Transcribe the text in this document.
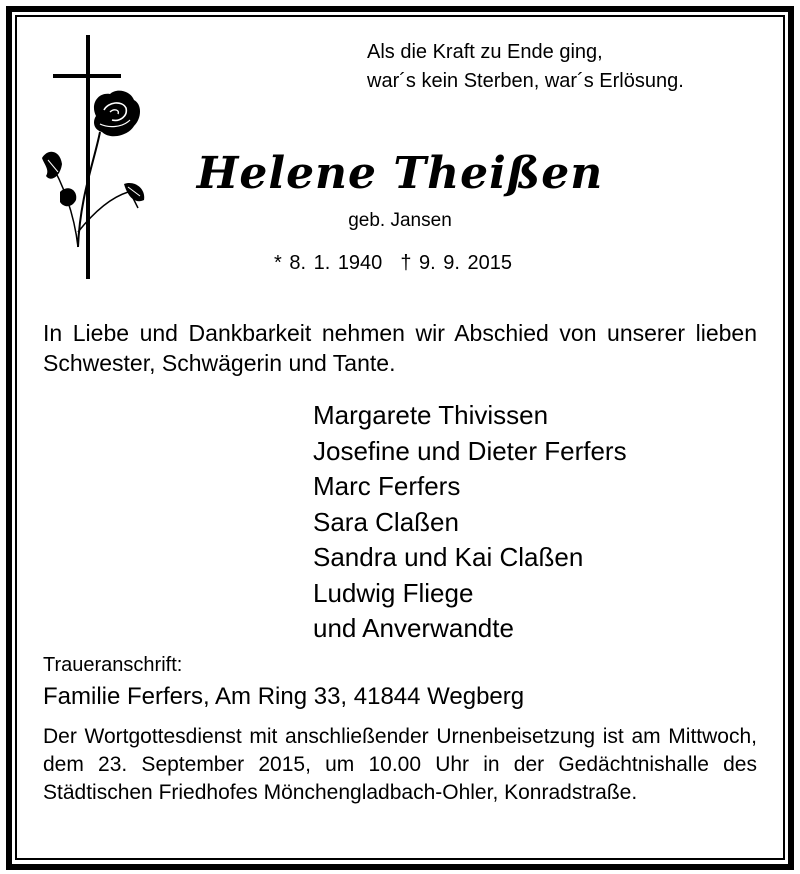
Als die Kraft zu Ende ging,
war´s kein Sterben, war´s Erlösung.
Helene Theißen
geb. Jansen
* 8. 1. 1940 † 9. 9. 2015
In Liebe und Dankbarkeit nehmen wir Abschied von unserer lieben Schwester, Schwägerin und Tante.
Margarete Thivissen
Josefine und Dieter Ferfers
Marc Ferfers
Sara Claßen
Sandra und Kai Claßen
Ludwig Fliege
und Anverwandte
Traueranschrift:
Familie Ferfers, Am Ring 33, 41844 Wegberg
Der Wortgottesdienst mit anschließender Urnenbeisetzung ist am Mittwoch, dem 23. September 2015, um 10.00 Uhr in der Gedächtnishalle des Städtischen Friedhofes Mönchengladbach-Ohler, Konradstraße.
